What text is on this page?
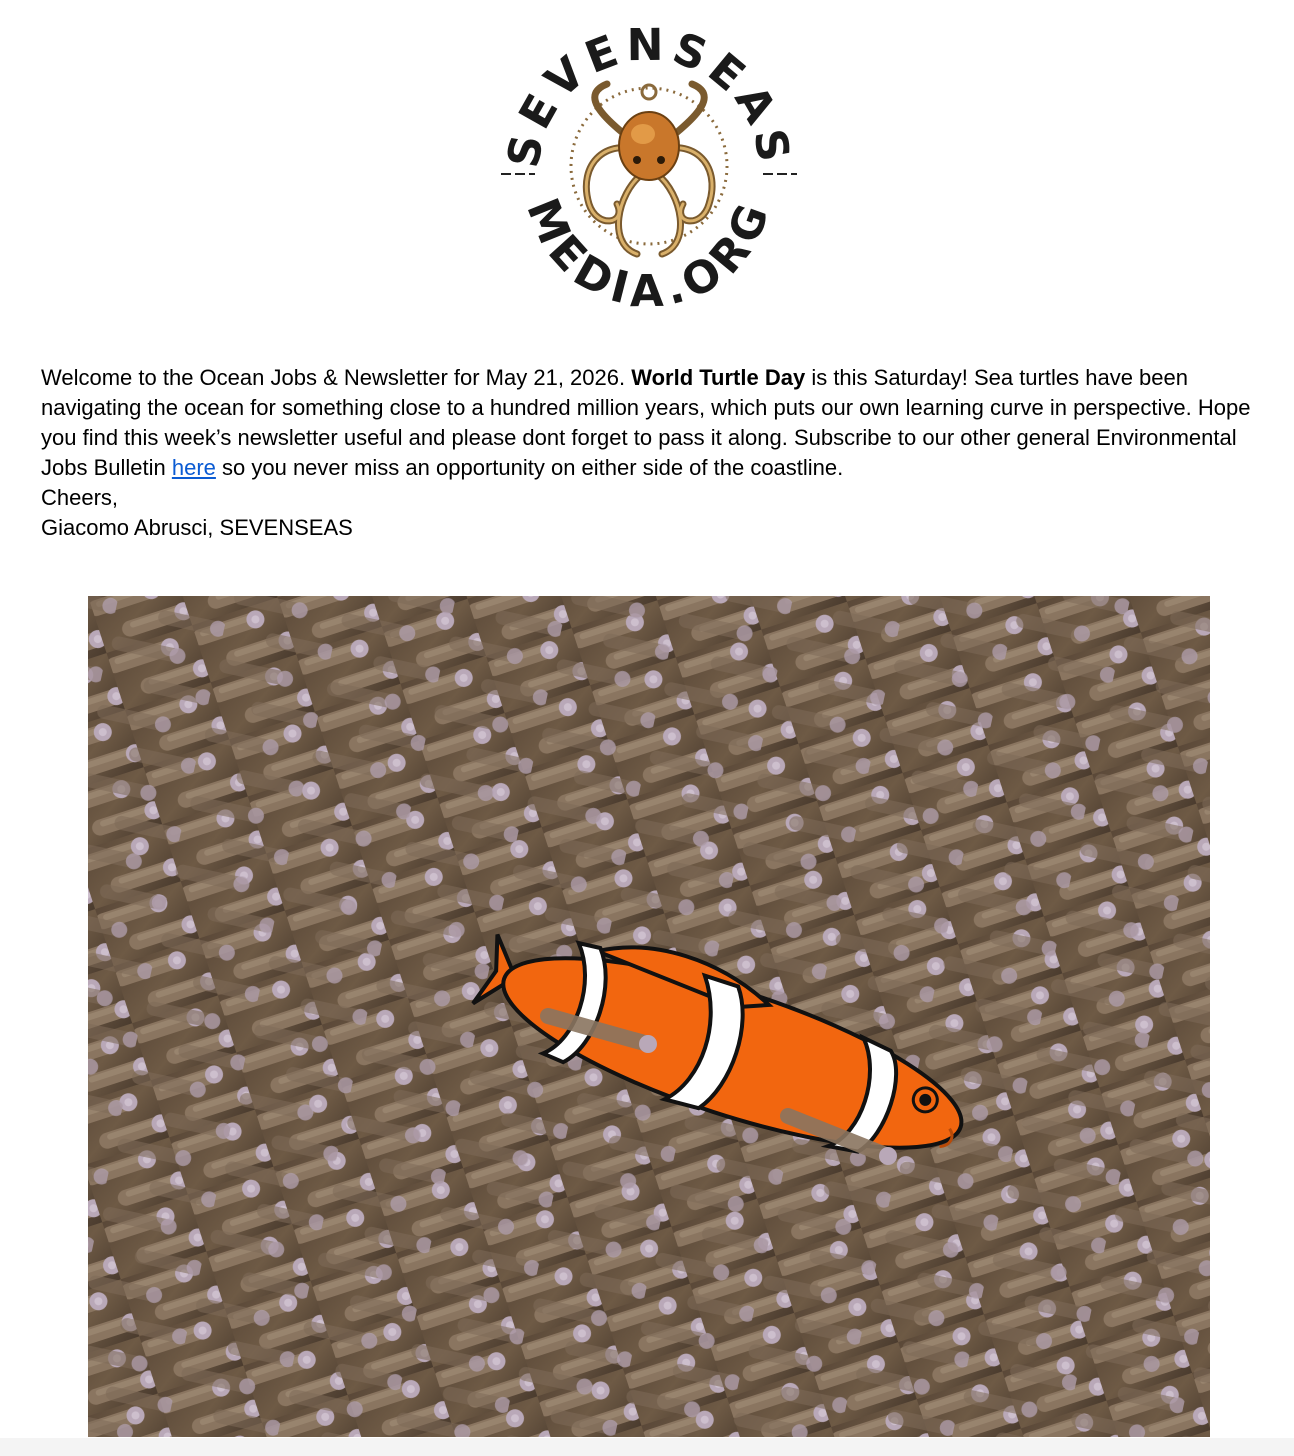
SEVENSEAS
MEDIA.ORG

Welcome to the Ocean Jobs & Newsletter for May 21, 2026. World Turtle Day is this Saturday! Sea turtles have been navigating the ocean for something close to a hundred million years, which puts our own learning curve in perspective. Hope you find this week’s newsletter useful and please dont forget to pass it along. Subscribe to our other general Environmental Jobs Bulletin here so you never miss an opportunity on either side of the coastline.

Cheers,

Giacomo Abrusci, SEVENSEAS
